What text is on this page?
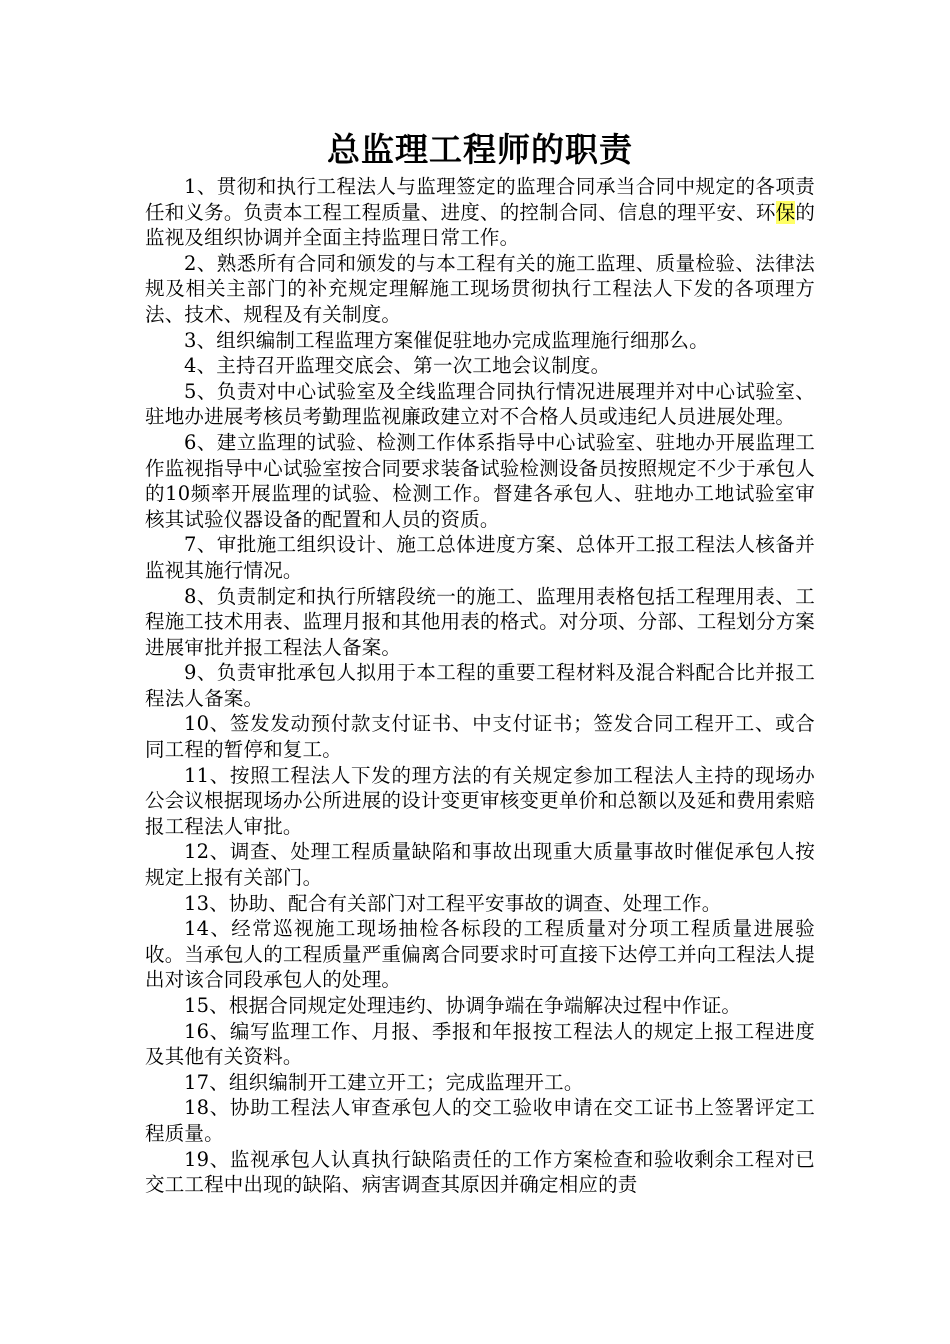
总监理工程师的职责

1、贯彻和执行工程法人与监理签定的监理合同承当合同中规定的各项责任和义务。负责本工程工程质量、进度、的控制合同、信息的理平安、环保的监视及组织协调并全面主持监理日常工作。

2、熟悉所有合同和颁发的与本工程有关的施工监理、质量检验、法律法规及相关主部门的补充规定理解施工现场贯彻执行工程法人下发的各项理方法、技术、规程及有关制度。

3、组织编制工程监理方案催促驻地办完成监理施行细那么。

4、主持召开监理交底会、第一次工地会议制度。

5、负责对中心试验室及全线监理合同执行情况进展理并对中心试验室、驻地办进展考核员考勤理监视廉政建立对不合格人员或违纪人员进展处理。

6、建立监理的试验、检测工作体系指导中心试验室、驻地办开展监理工作监视指导中心试验室按合同要求装备试验检测设备员按照规定不少于承包人的10频率开展监理的试验、检测工作。督建各承包人、驻地办工地试验室审核其试验仪器设备的配置和人员的资质。

7、审批施工组织设计、施工总体进度方案、总体开工报工程法人核备并监视其施行情况。

8、负责制定和执行所辖段统一的施工、监理用表格包括工程理用表、工程施工技术用表、监理月报和其他用表的格式。对分项、分部、工程划分方案进展审批并报工程法人备案。

9、负责审批承包人拟用于本工程的重要工程材料及混合料配合比并报工程法人备案。

10、签发发动预付款支付证书、中支付证书；签发合同工程开工、或合同工程的暂停和复工。

11、按照工程法人下发的理方法的有关规定参加工程法人主持的现场办公会议根据现场办公所进展的设计变更审核变更单价和总额以及延和费用索赔报工程法人审批。

12、调查、处理工程质量缺陷和事故出现重大质量事故时催促承包人按规定上报有关部门。

13、协助、配合有关部门对工程平安事故的调查、处理工作。

14、经常巡视施工现场抽检各标段的工程质量对分项工程质量进展验收。当承包人的工程质量严重偏离合同要求时可直接下达停工并向工程法人提出对该合同段承包人的处理。

15、根据合同规定处理违约、协调争端在争端解决过程中作证。

16、编写监理工作、月报、季报和年报按工程法人的规定上报工程进度及其他有关资料。

17、组织编制开工建立开工；完成监理开工。

18、协助工程法人审查承包人的交工验收申请在交工证书上签署评定工程质量。

19、监视承包人认真执行缺陷责任的工作方案检查和验收剩余工程对已交工工程中出现的缺陷、病害调查其原因并确定相应的责
